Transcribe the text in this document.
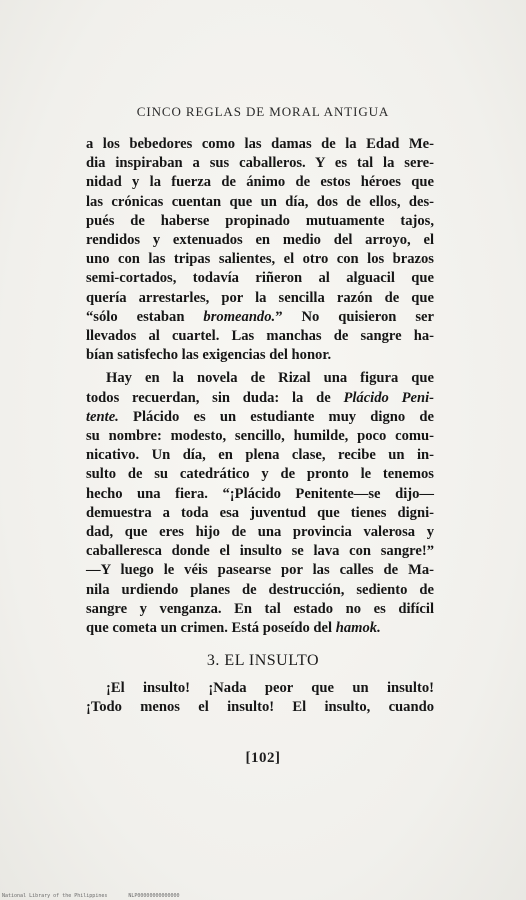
CINCO REGLAS DE MORAL ANTIGUA
a los bebedores como las damas de la Edad Me-
dia inspiraban a sus caballeros. Y es tal la sere-
nidad y la fuerza de ánimo de estos héroes que
las crónicas cuentan que un día, dos de ellos, des-
pués de haberse propinado mutuamente tajos,
rendidos y extenuados en medio del arroyo, el
uno con las tripas salientes, el otro con los brazos
semi-cortados, todavía riñeron al alguacil que
quería arrestarles, por la sencilla razón de que
“sólo estaban bromeando.” No quisieron ser
llevados al cuartel. Las manchas de sangre ha-
bían satisfecho las exigencias del honor.
Hay en la novela de Rizal una figura que
todos recuerdan, sin duda: la de Plácido Peni-
tente. Plácido es un estudiante muy digno de
su nombre: modesto, sencillo, humilde, poco comu-
nicativo. Un día, en plena clase, recibe un in-
sulto de su catedrático y de pronto le tenemos
hecho una fiera. “¡Plácido Penitente—se dijo—
demuestra a toda esa juventud que tienes digni-
dad, que eres hijo de una provincia valerosa y
caballeresca donde el insulto se lava con sangre!”
—Y luego le véis pasearse por las calles de Ma-
nila urdiendo planes de destrucción, sediento de
sangre y venganza. En tal estado no es difícil
que cometa un crimen. Está poseído del hamok.
3. EL INSULTO
¡El insulto! ¡Nada peor que un insulto!
¡Todo menos el insulto! El insulto, cuando
[102]
National Library of the Philippines	NLP00000000000000
